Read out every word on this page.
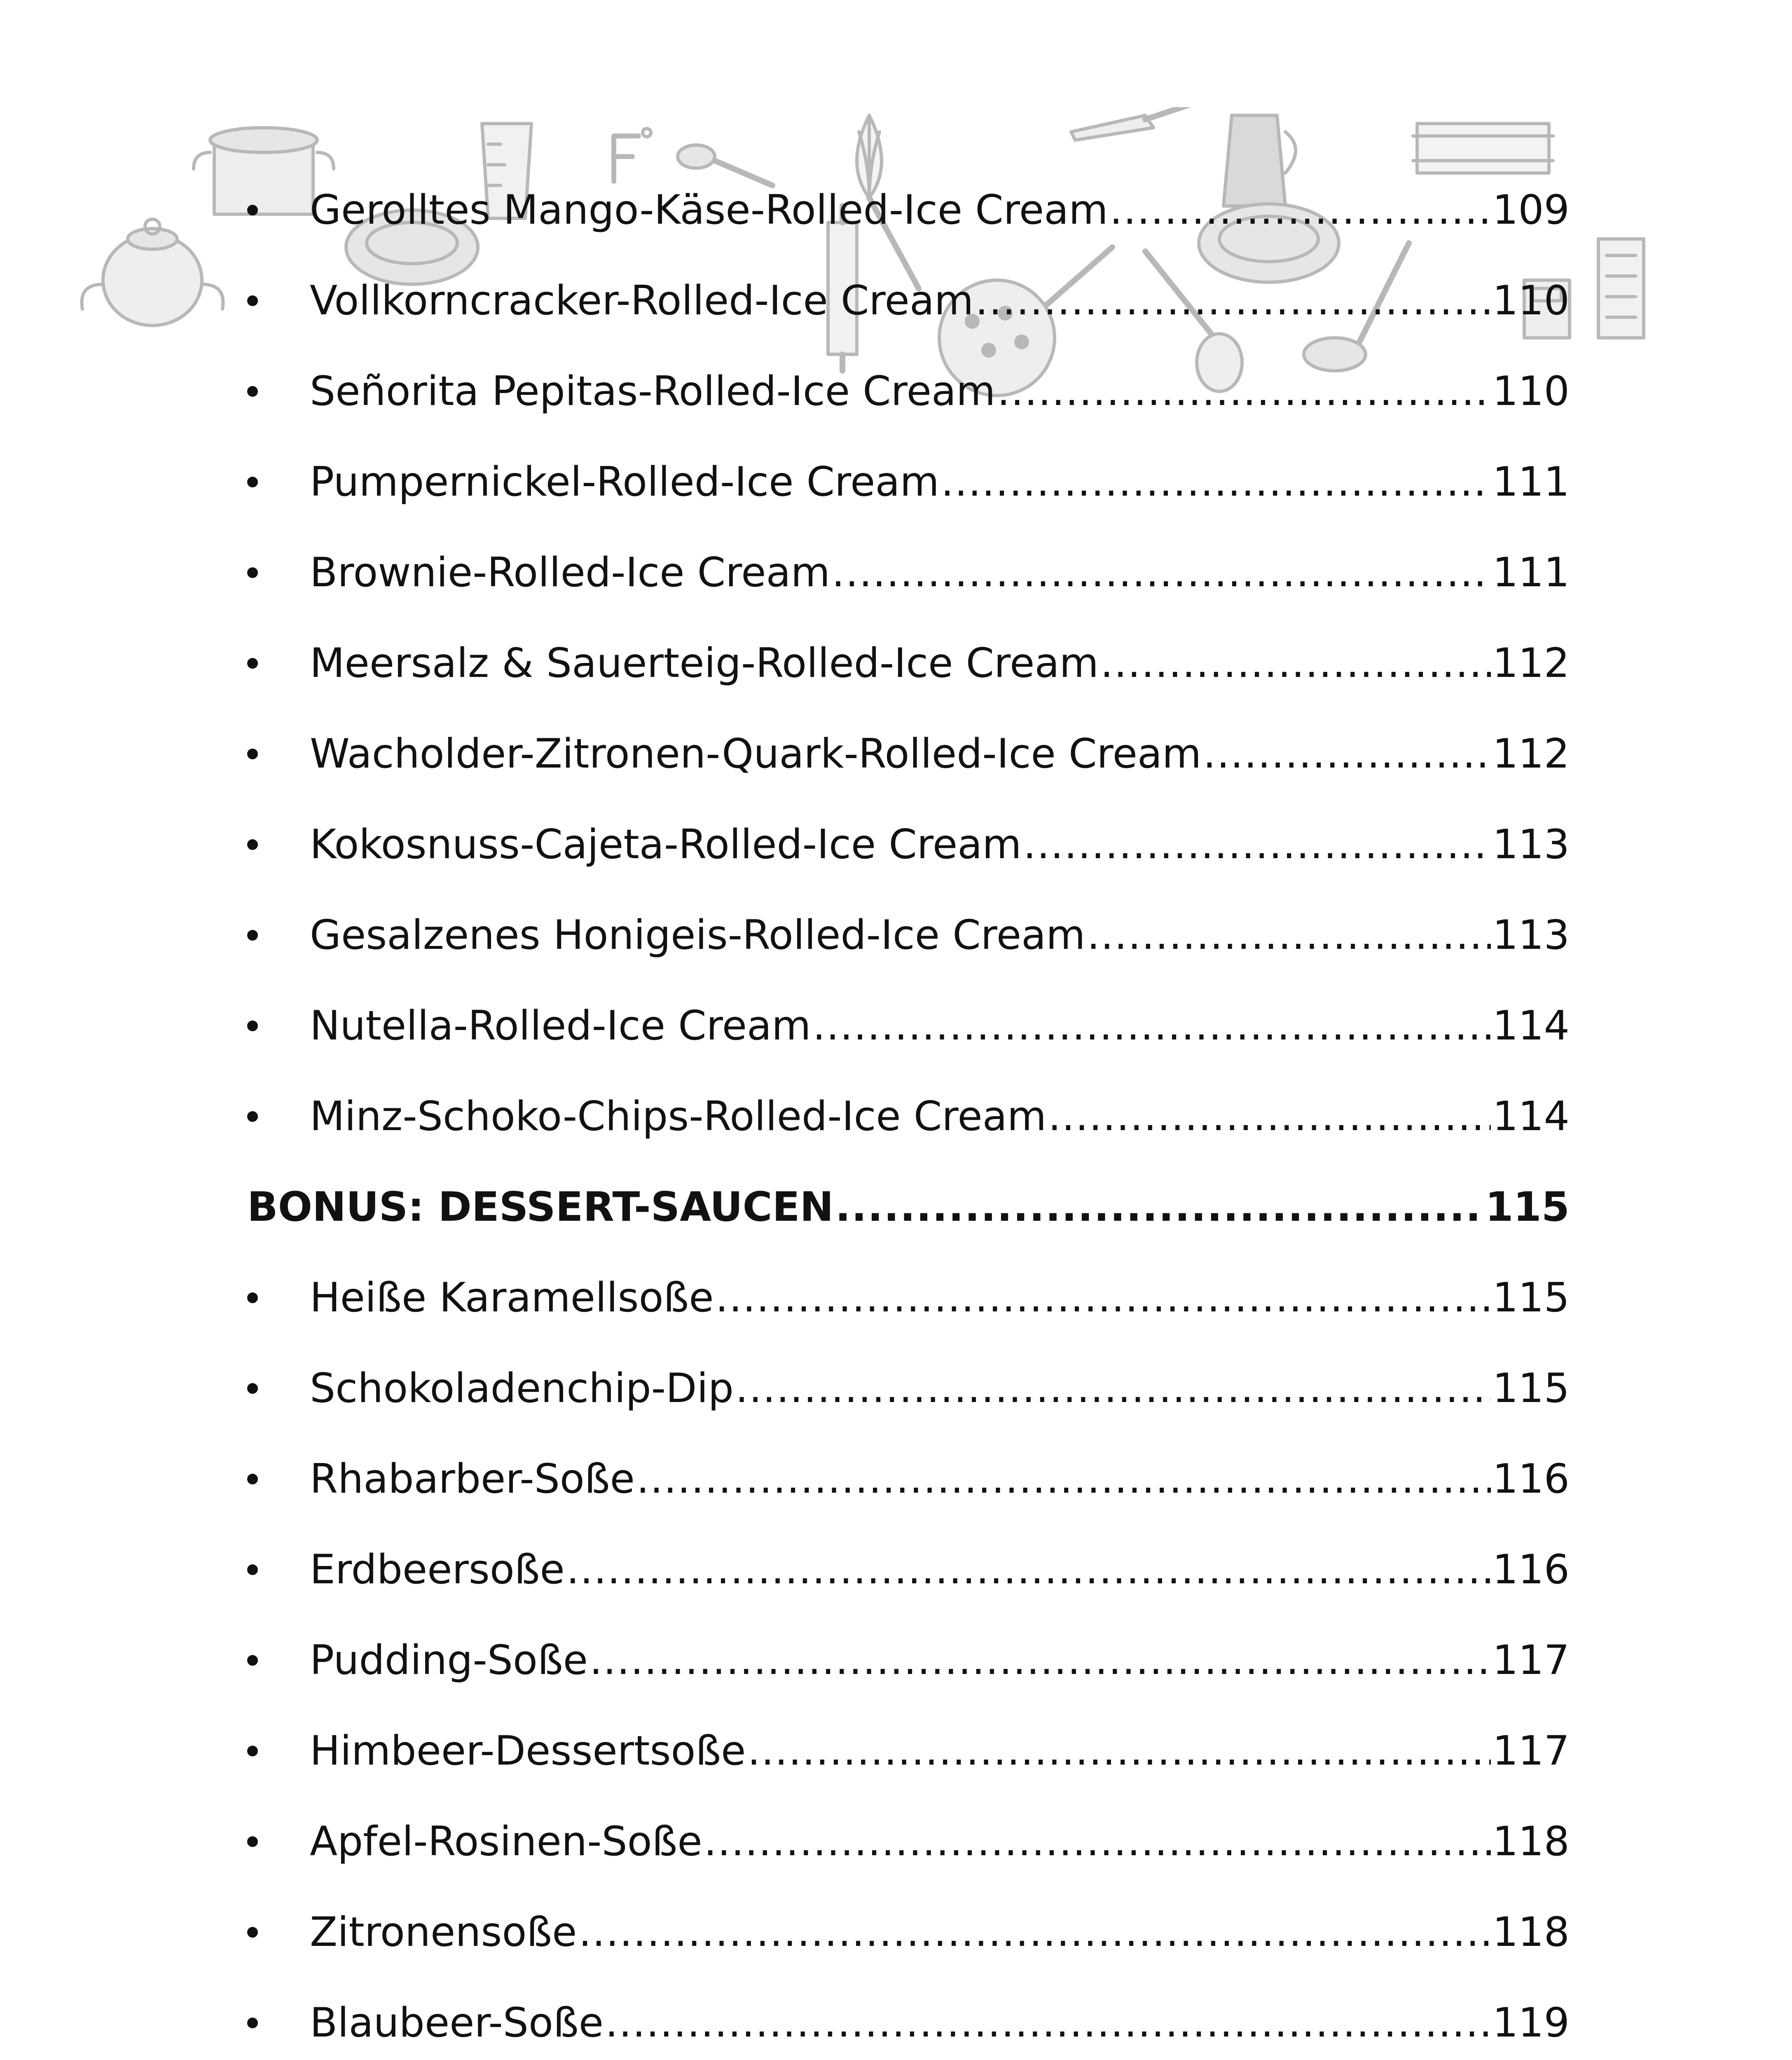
Gerolltes Mango-Käse-Rolled-Ice Cream .....	109
Vollkorncracker-Rolled-Ice Cream .....	110
Señorita Pepitas-Rolled-Ice Cream .....	110
Pumpernickel-Rolled-Ice Cream .....	111
Brownie-Rolled-Ice Cream .....	111
Meersalz & Sauerteig-Rolled-Ice Cream .....	112
Wacholder-Zitronen-Quark-Rolled-Ice Cream .....	112
Kokosnuss-Cajeta-Rolled-Ice Cream .....	113
Gesalzenes Honigeis-Rolled-Ice Cream .....	113
Nutella-Rolled-Ice Cream .....	114
Minz-Schoko-Chips-Rolled-Ice Cream .....	114
BONUS: DESSERT-SAUCEN .....	115
Heiße Karamellsoße .....	115
Schokoladenchip-Dip .....	115
Rhabarber-Soße .....	116
Erdbeersoße .....	116
Pudding-Soße .....	117
Himbeer-Dessertsoße .....	117
Apfel-Rosinen-Soße .....	118
Zitronensoße .....	118
Blaubeer-Soße .....	119
